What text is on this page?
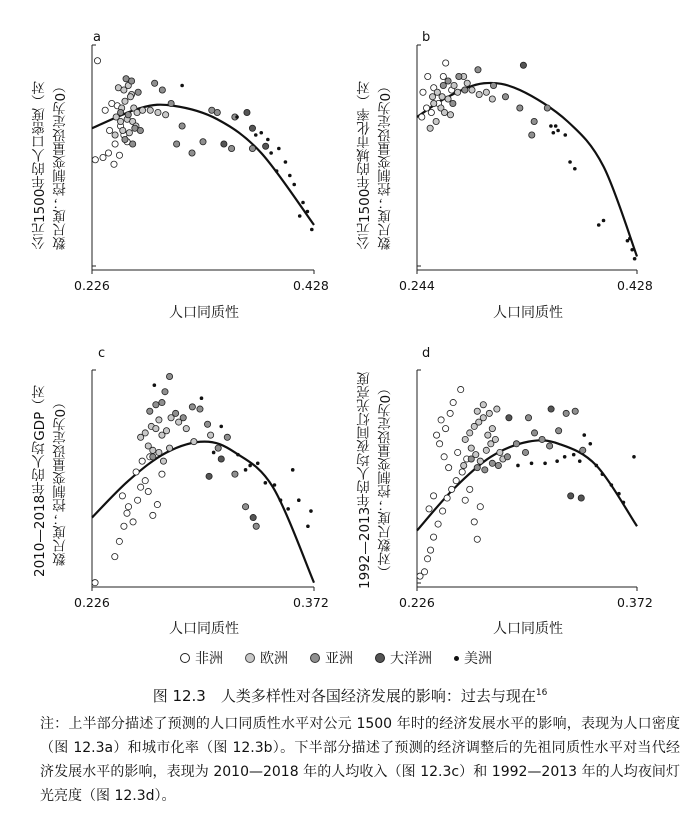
a
公元1500年的人口密度（对 数尺度；控制变量设定为0）
0.226	0.428
人口同质性
b
公元1500年的城市化率（对 数尺度；控制变量设定为0）
0.244	0.428
人口同质性
c
2010—2018年的人均GDP（对 数尺度；控制变量设定为0）
0.226	0.372
人口同质性
d
1992—2013年的人均夜间灯光亮度 （对数尺度；控制变量设定为0）
0.226	0.372
人口同质性
非洲	欧洲	亚洲	大洋洲 美洲
图 12.3　人类多样性对各国经济发展的影响：过去与现在$^{16}$

注：上半部分描述了预测的人口同质性水平对公元 1500 年时的经济发展水平的影响，表现为人口密度（图 12.3a）和城市化率（图 12.3b）。下半部分描述了预测的经济调整后的先祖同质性水平对当代经济发展水平的影响，表现为 2010—2018 年的人均收入（图 12.3c）和 1992—2013 年的人均夜间灯光亮度（图 12.3d）。
